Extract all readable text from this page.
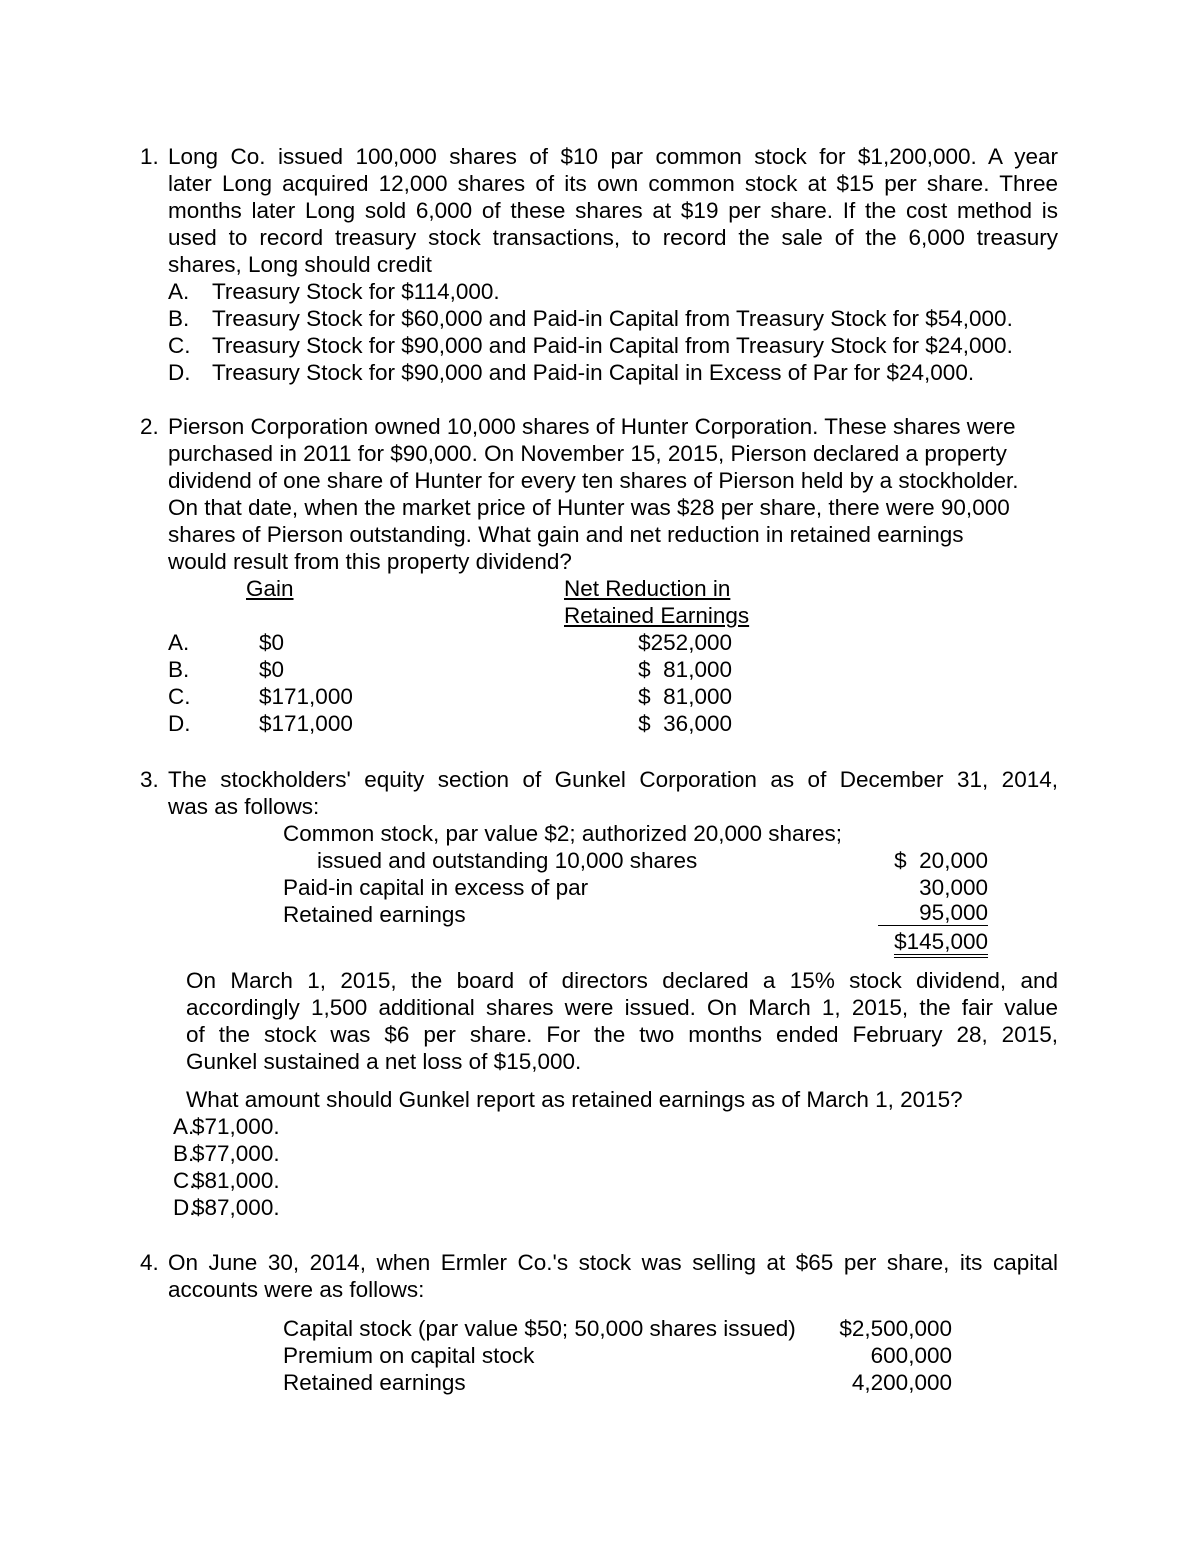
1. Long Co. issued 100,000 shares of $10 par common stock for $1,200,000. A year
later Long acquired 12,000 shares of its own common stock at $15 per share. Three
months later Long sold 6,000 of these shares at $19 per share. If the cost method is
used to record treasury stock transactions, to record the sale of the 6,000 treasury
shares, Long should credit
A.	Treasury Stock for $114,000.
B.	Treasury Stock for $60,000 and Paid-in Capital from Treasury Stock for $54,000.
C. Treasury Stock for $90,000 and Paid-in Capital from Treasury Stock for $24,000.
D. Treasury Stock for $90,000 and Paid-in Capital in Excess of Par for $24,000.
2. Pierson Corporation owned 10,000 shares of Hunter Corporation. These shares were
purchased in 2011 for $90,000. On November 15, 2015, Pierson declared a property
dividend of one share of Hunter for every ten shares of Pierson held by a stockholder.
On that date, when the market price of Hunter was $28 per share, there were 90,000
shares of Pierson outstanding. What gain and net reduction in retained earnings
would result from this property dividend?
Gain	Net Reduction in
Retained Earnings
A.	$0	$252,000
B.	$0	$  81,000
C.	$171,000	$  81,000
D.	$171,000	$  36,000
3. The stockholders' equity section of Gunkel Corporation as of December 31, 2014,
was as follows:
Common stock, par value $2; authorized 20,000 shares;
issued and outstanding 10,000 shares	$  20,000
Paid-in capital in excess of par	30,000
Retained earnings	95,000
$145,000
On March 1, 2015, the board of directors declared a 15% stock dividend, and
accordingly 1,500 additional shares were issued. On March 1, 2015, the fair value
of the stock was $6 per share. For the two months ended February 28, 2015,
Gunkel sustained a net loss of $15,000.
What amount should Gunkel report as retained earnings as of March 1, 2015?
A.
$71,000.
B.
$77,000.
C.
$81,000.
D.
$87,000.
4. On June 30, 2014, when Ermler Co.'s stock was selling at $65 per share, its capital
accounts were as follows:
Capital stock (par value $50; 50,000 shares issued)	$2,500,000
Premium on capital stock	600,000
Retained earnings	4,200,000
